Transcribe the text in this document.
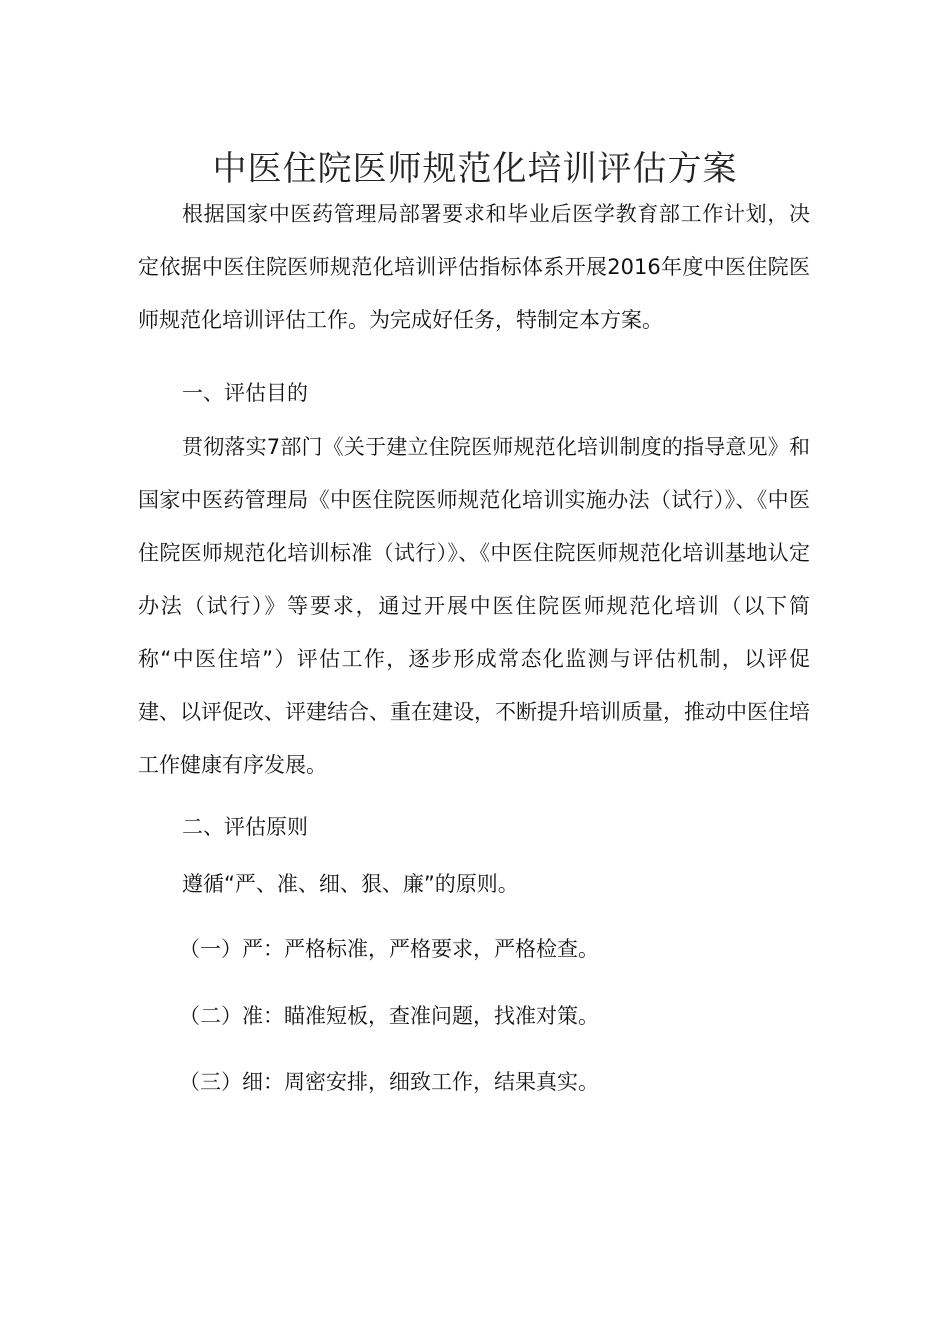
中医住院医师规范化培训评估方案

根据国家中医药管理局部署要求和毕业后医学教育部工作计划，决定依据中医住院医师规范化培训评估指标体系开展2016年度中医住院医师规范化培训评估工作。为完成好任务，特制定本方案。

一、评估目的

贯彻落实7部门《关于建立住院医师规范化培训制度的指导意见》和国家中医药管理局《中医住院医师规范化培训实施办法（试行）》、《中医住院医师规范化培训标准（试行）》、《中医住院医师规范化培训基地认定办法（试行）》等要求，通过开展中医住院医师规范化培训（以下简称“中医住培”）评估工作，逐步形成常态化监测与评估机制，以评促建、以评促改、评建结合、重在建设，不断提升培训质量，推动中医住培工作健康有序发展。

二、评估原则

遵循“严、准、细、狠、廉”的原则。

（一）严：严格标准，严格要求，严格检查。

（二）准：瞄准短板，查准问题，找准对策。

（三）细：周密安排，细致工作，结果真实。
